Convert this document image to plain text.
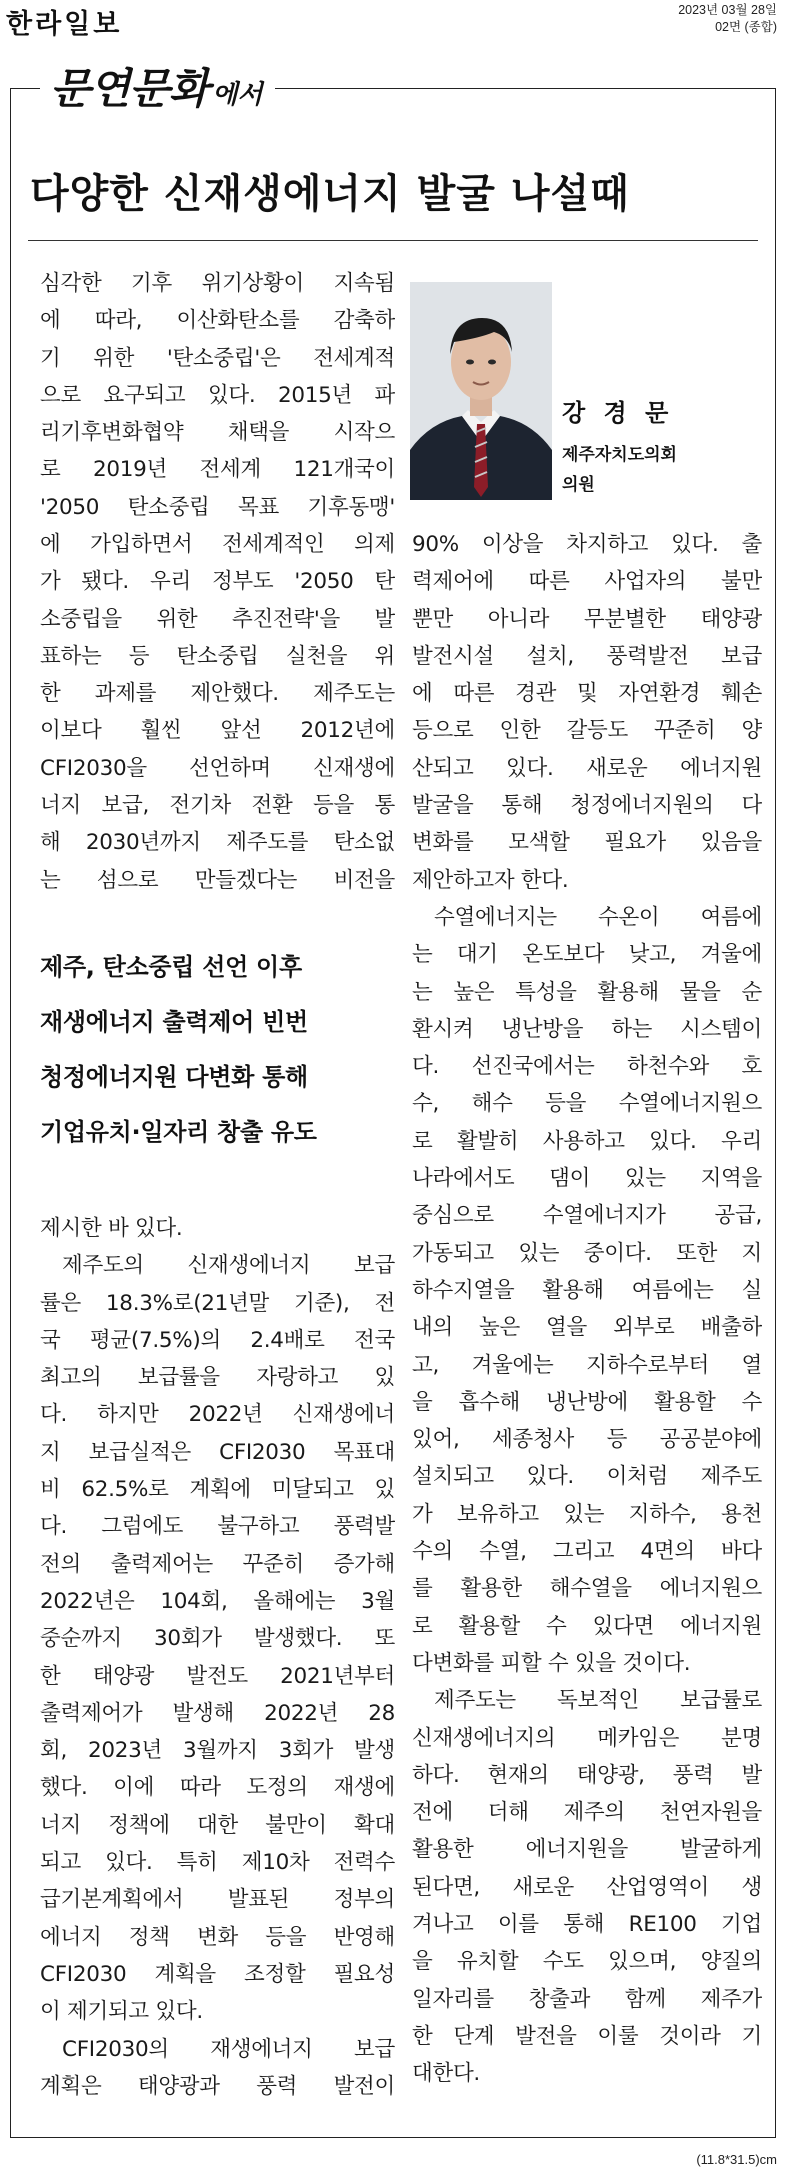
한라일보	2023년 03월 28일
02면 (종합)
문연문화 에서
다양한 신재생에너지 발굴 나설때
심각한 기후 위기상황이 지속됨
에 따라, 이산화탄소를 감축하
기 위한 '탄소중립'은 전세계적
으로 요구되고 있다. 2015년 파
리기후변화협약 채택을 시작으
로 2019년 전세계 121개국이
'2050 탄소중립 목표 기후동맹'
강 경 문
제주자치도의회
의원
에 가입하면서 전세계적인 의제
가 됐다. 우리 정부도 '2050 탄
소중립을 위한 추진전략'을 발
표하는 등 탄소중립 실천을 위
한 과제를 제안했다. 제주도는
이보다 훨씬 앞선 2012년에
CFI2030을 선언하며 신재생에
너지 보급, 전기차 전환 등을 통
해 2030년까지 제주도를 탄소없
는 섬으로 만들겠다는 비전을
제주, 탄소중립 선언 이후
재생에너지 출력제어 빈번
청정에너지원 다변화 통해
기업유치·일자리 창출 유도
제시한 바 있다.
제주도의 신재생에너지 보급
률은 18.3%로(21년말 기준), 전
국 평균(7.5%)의 2.4배로 전국
최고의 보급률을 자랑하고 있
다. 하지만 2022년 신재생에너
지 보급실적은 CFI2030 목표대
비 62.5%로 계획에 미달되고 있
다. 그럼에도 불구하고 풍력발
전의 출력제어는 꾸준히 증가해
2022년은 104회, 올해에는 3월
중순까지 30회가 발생했다. 또
한 태양광 발전도 2021년부터
출력제어가 발생해 2022년 28
회, 2023년 3월까지 3회가 발생
했다. 이에 따라 도정의 재생에
너지 정책에 대한 불만이 확대
되고 있다. 특히 제10차 전력수
급기본계획에서 발표된 정부의
에너지 정책 변화 등을 반영해
CFI2030 계획을 조정할 필요성
이 제기되고 있다.
CFI2030의 재생에너지 보급
계획은 태양광과 풍력 발전이
90% 이상을 차지하고 있다. 출
력제어에 따른 사업자의 불만
뿐만 아니라 무분별한 태양광
발전시설 설치, 풍력발전 보급
에 따른 경관 및 자연환경 훼손
등으로 인한 갈등도 꾸준히 양
산되고 있다. 새로운 에너지원
발굴을 통해 청정에너지원의 다
변화를 모색할 필요가 있음을
제안하고자 한다.
수열에너지는 수온이 여름에
는 대기 온도보다 낮고, 겨울에
는 높은 특성을 활용해 물을 순
환시켜 냉난방을 하는 시스템이
다. 선진국에서는 하천수와 호
수, 해수 등을 수열에너지원으
로 활발히 사용하고 있다. 우리
나라에서도 댐이 있는 지역을
중심으로 수열에너지가 공급,
가동되고 있는 중이다. 또한 지
하수지열을 활용해 여름에는 실
내의 높은 열을 외부로 배출하
고, 겨울에는 지하수로부터 열
을 흡수해 냉난방에 활용할 수
있어, 세종청사 등 공공분야에
설치되고 있다. 이처럼 제주도
가 보유하고 있는 지하수, 용천
수의 수열, 그리고 4면의 바다
를 활용한 해수열을 에너지원으
로 활용할 수 있다면 에너지원
다변화를 피할 수 있을 것이다.
제주도는 독보적인 보급률로
신재생에너지의 메카임은 분명
하다. 현재의 태양광, 풍력 발
전에 더해 제주의 천연자원을
활용한 에너지원을 발굴하게
된다면, 새로운 산업영역이 생
겨나고 이를 통해 RE100 기업
을 유치할 수도 있으며, 양질의
일자리를 창출과 함께 제주가
한 단계 발전을 이룰 것이라 기
대한다.
(11.8*31.5)cm
